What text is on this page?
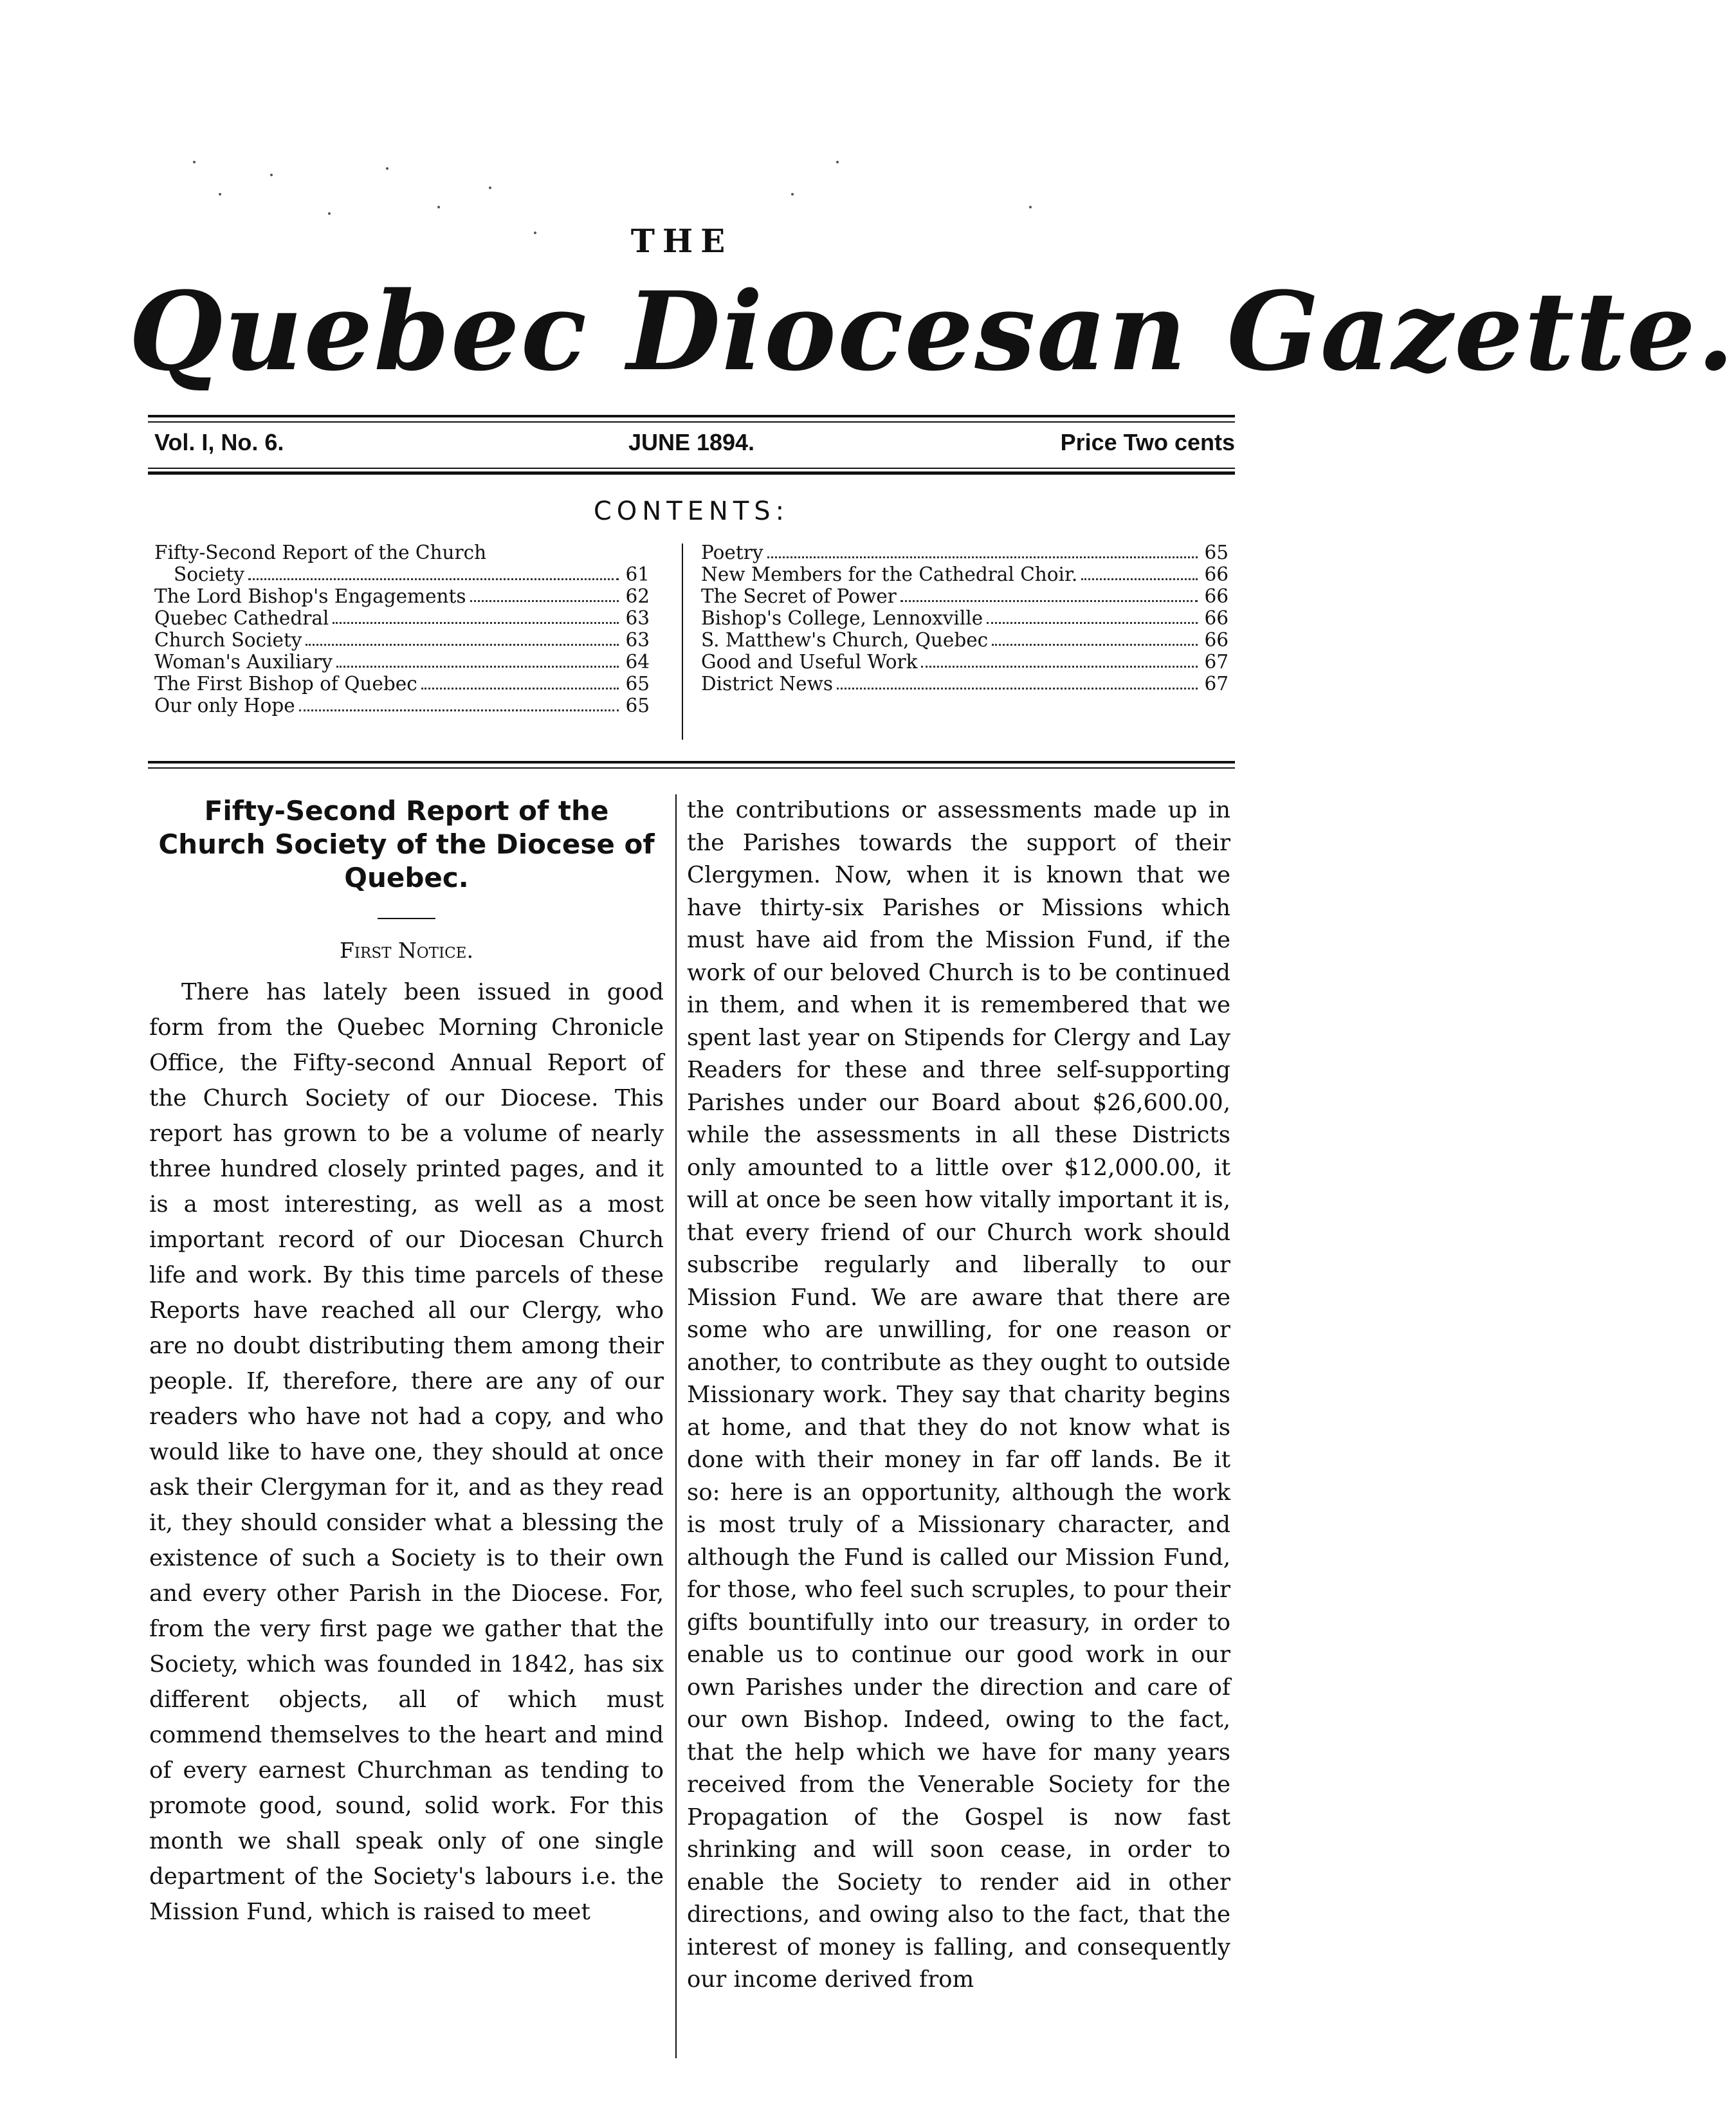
THE
Quebec Diocesan Gazette.
Vol. I, No. 6.	JUNE 1894.	Price Two cents
CONTENTS:
Fifty-Second Report of the Church
Society	61
The Lord Bishop's Engagements	62
Quebec Cathedral	63
Church Society	63
Woman's Auxiliary	64
The First Bishop of Quebec	65
Our only Hope	65
Poetry	65
New Members for the Cathedral Choir.	66
The Secret of Power	66
Bishop's College, Lennoxville	66
S. Matthew's Church, Quebec	66
Good and Useful Work	67
District News	67
Fifty-Second Report of the Church Society of the Diocese of Quebec.
First Notice.

There has lately been issued in good form from the Quebec Morning Chronicle Office, the Fifty-second Annual Report of the Church Society of our Diocese. This report has grown to be a volume of nearly three hundred closely printed pages, and it is a most interesting, as well as a most important record of our Diocesan Church life and work. By this time parcels of these Reports have reached all our Clergy, who are no doubt distributing them among their people. If, therefore, there are any of our readers who have not had a copy, and who would like to have one, they should at once ask their Clergyman for it, and as they read it, they should consider what a blessing the existence of such a Society is to their own and every other Parish in the Diocese. For, from the very first page we gather that the Society, which was founded in 1842, has six different objects, all of which must commend themselves to the heart and mind of every earnest Churchman as tending to promote good, sound, solid work. For this month we shall speak only of one single department of the Society's labours i.e. the Mission Fund, which is raised to meet

the contributions or assessments made up in the Parishes towards the support of their Clergymen. Now, when it is known that we have thirty-six Parishes or Missions which must have aid from the Mission Fund, if the work of our beloved Church is to be continued in them, and when it is remembered that we spent last year on Stipends for Clergy and Lay Readers for these and three self-supporting Parishes under our Board about $26,600.00, while the assessments in all these Districts only amounted to a little over $12,000.00, it will at once be seen how vitally important it is, that every friend of our Church work should subscribe regularly and liberally to our Mission Fund. We are aware that there are some who are unwilling, for one reason or another, to contribute as they ought to outside Missionary work. They say that charity begins at home, and that they do not know what is done with their money in far off lands. Be it so: here is an opportunity, although the work is most truly of a Missionary character, and although the Fund is called our Mission Fund, for those, who feel such scruples, to pour their gifts bountifully into our treasury, in order to enable us to continue our good work in our own Parishes under the direction and care of our own Bishop. Indeed, owing to the fact, that the help which we have for many years received from the Venerable Society for the Propagation of the Gospel is now fast shrinking and will soon cease, in order to enable the Society to render aid in other directions, and owing also to the fact, that the interest of money is falling, and consequently our income derived from
